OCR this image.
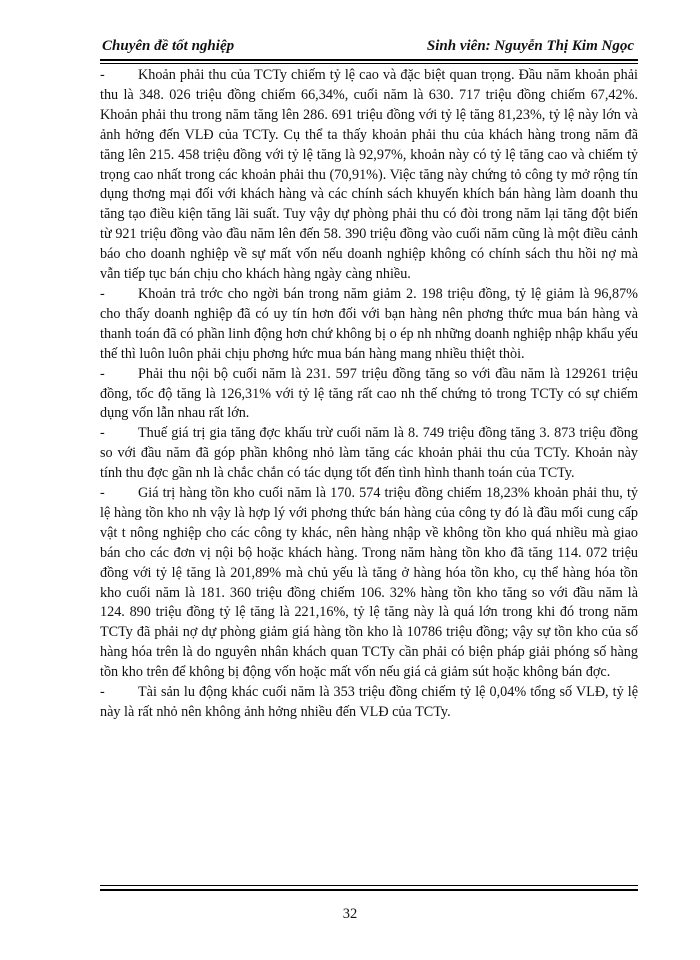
Chuyên đề tốt nghiệp	Sinh viên: Nguyễn Thị Kim Ngọc

- Khoản phải thu của TCTy chiếm tỷ lệ cao và đặc biệt quan trọng. Đầu năm khoản phải thu là 348. 026 triệu đồng chiếm 66,34%, cuối năm là 630. 717 triệu đồng chiếm 67,42%. Khoản phải thu trong năm tăng lên 286. 691 triệu đồng với tỷ lệ tăng 81,23%, tỷ lệ này lớn và ảnh hởng đến VLĐ của TCTy. Cụ thể ta thấy khoản phải thu của khách hàng trong năm đã tăng lên 215. 458 triệu đồng với tỷ lệ tăng là 92,97%, khoản này có tỷ lệ tăng cao và chiếm tỷ trọng cao nhất trong các khoản phải thu (70,91%). Việc tăng này chứng tỏ công ty mở rộng tín dụng thơng mại đối với khách hàng và các chính sách khuyến khích bán hàng làm doanh thu tăng tạo điều kiện tăng lãi suất. Tuy vậy dự phòng phải thu có đòi trong năm lại tăng đột biến từ 921 triệu đồng vào đầu năm lên đến 58. 390 triệu đồng vào cuối năm cũng là một điều cảnh báo cho doanh nghiệp về sự mất vốn nếu doanh nghiệp không có chính sách thu hồi nợ mà vẫn tiếp tục bán chịu cho khách hàng ngày càng nhiều.

- Khoản trả trớc cho ngời bán trong năm giảm 2. 198 triệu đồng, tỷ lệ giảm là 96,87% cho thấy doanh nghiệp đã có uy tín hơn đối với bạn hàng nên phơng thức mua bán hàng và thanh toán đã có phần linh động hơn chứ không bị o ép nh những doanh nghiệp nhập khẩu yếu thế thì luôn luôn phải chịu phơng hức mua bán hàng mang nhiều thiệt thòi.

- Phải thu nội bộ cuối năm là 231. 597 triệu đồng tăng so với đầu năm là 129261 triệu đồng, tốc độ tăng là 126,31% với tỷ lệ tăng rất cao nh thế chứng tỏ trong TCTy có sự chiếm dụng vốn lẫn nhau rất lớn.

- Thuế giá trị gia tăng đợc khấu trừ cuối năm là 8. 749 triệu đồng tăng 3. 873 triệu đồng so với đầu năm đã góp phần không nhỏ làm tăng các khoản phải thu của TCTy. Khoản này tính thu đợc gần nh là chắc chắn có tác dụng tốt đến tình hình thanh toán của TCTy.

- Giá trị hàng tồn kho cuối năm là 170. 574 triệu đồng chiếm 18,23% khoản phải thu, tỷ lệ hàng tồn kho nh vậy là hợp lý với phơng thức bán hàng của công ty đó là đầu mối cung cấp vật t nông nghiệp cho các công ty khác, nên hàng nhập về không tồn kho quá nhiều mà giao bán cho các đơn vị nội bộ hoặc khách hàng. Trong năm hàng tồn kho đã tăng 114. 072 triệu đồng với tỷ lệ tăng là 201,89% mà chủ yếu là tăng ở hàng hóa tồn kho, cụ thể hàng hóa tồn kho cuối năm là 181. 360 triệu đồng chiếm 106. 32% hàng tồn kho tăng so với đầu năm là 124. 890 triệu đồng tỷ lệ tăng là 221,16%, tỷ lệ tăng này là quá lớn trong khi đó trong năm TCTy đã phải nợ dự phòng giảm giá hàng tồn kho là 10786 triệu đồng; vậy sự tồn kho của số hàng hóa trên là do nguyên nhân khách quan TCTy cần phải có biện pháp giải phóng số hàng tồn kho trên để không bị động vốn hoặc mất vốn nếu giá cả giảm sút hoặc không bán đợc.

- Tài sản lu động khác cuối năm là 353 triệu đồng chiếm tỷ lệ 0,04% tổng số VLĐ, tỷ lệ này là rất nhỏ nên không ảnh hởng nhiều đến VLĐ của TCTy.

32
